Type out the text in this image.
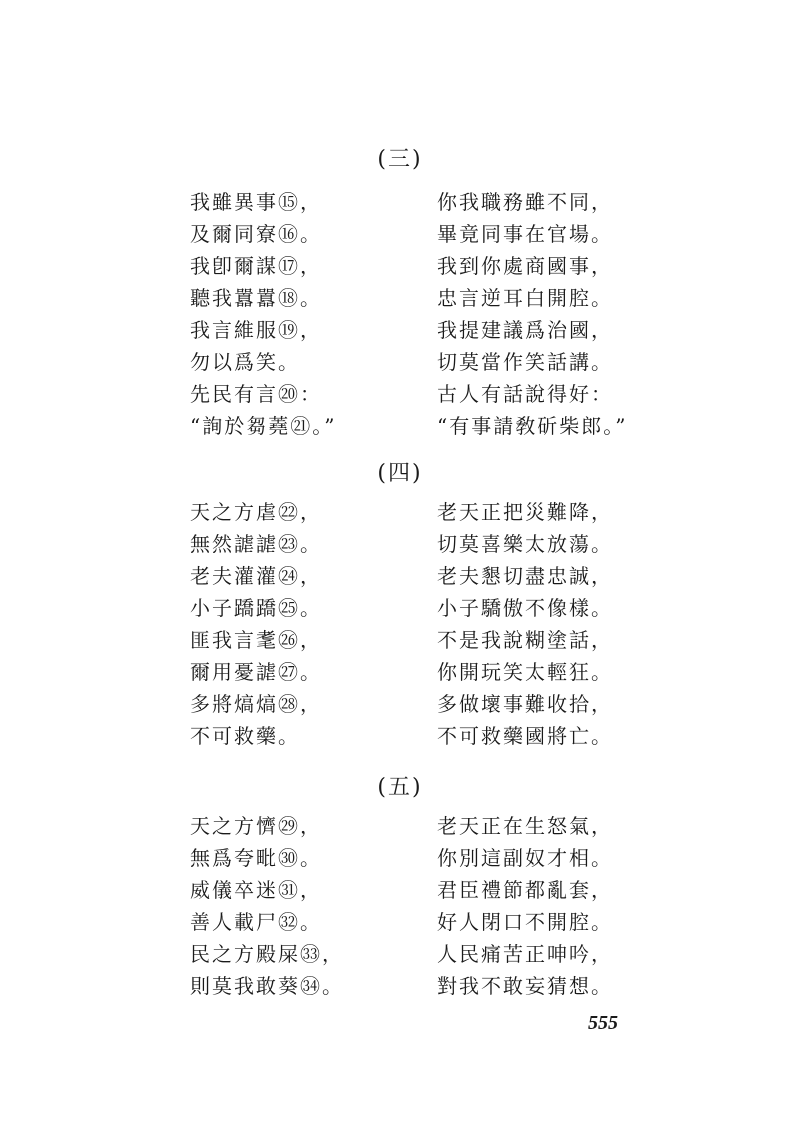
(三)
我雖異事⑮，	你我職務雖不同，
及爾同寮⑯。	畢竟同事在官場。
我卽爾謀⑰，	我到你處商國事，
聽我囂囂⑱。	忠言逆耳白開腔。
我言維服⑲，	我提建議爲治國，
勿以爲笑。	切莫當作笑話講。
先民有言⑳：	古人有話說得好：
“詢於芻蕘㉑。”	“有事請敎斫柴郎。”
(四)
天之方虐㉒，	老天正把災難降，
無然謔謔㉓。	切莫喜樂太放蕩。
老夫灌灌㉔，	老夫懇切盡忠誠，
小子蹻蹻㉕。	小子驕傲不像樣。
匪我言耄㉖，	不是我說糊塗話，
爾用憂謔㉗。	你開玩笑太輕狂。
多將熇熇㉘，	多做壞事難收拾，
不可救藥。	不可救藥國將亡。
(五)
天之方懠㉙，	老天正在生怒氣，
無爲夸毗㉚。	你別這副奴才相。
威儀卒迷㉛，	君臣禮節都亂套，
善人載尸㉜。	好人閉口不開腔。
民之方殿屎㉝，	人民痛苦正呻吟，
則莫我敢葵㉞。	對我不敢妄猜想。
555
